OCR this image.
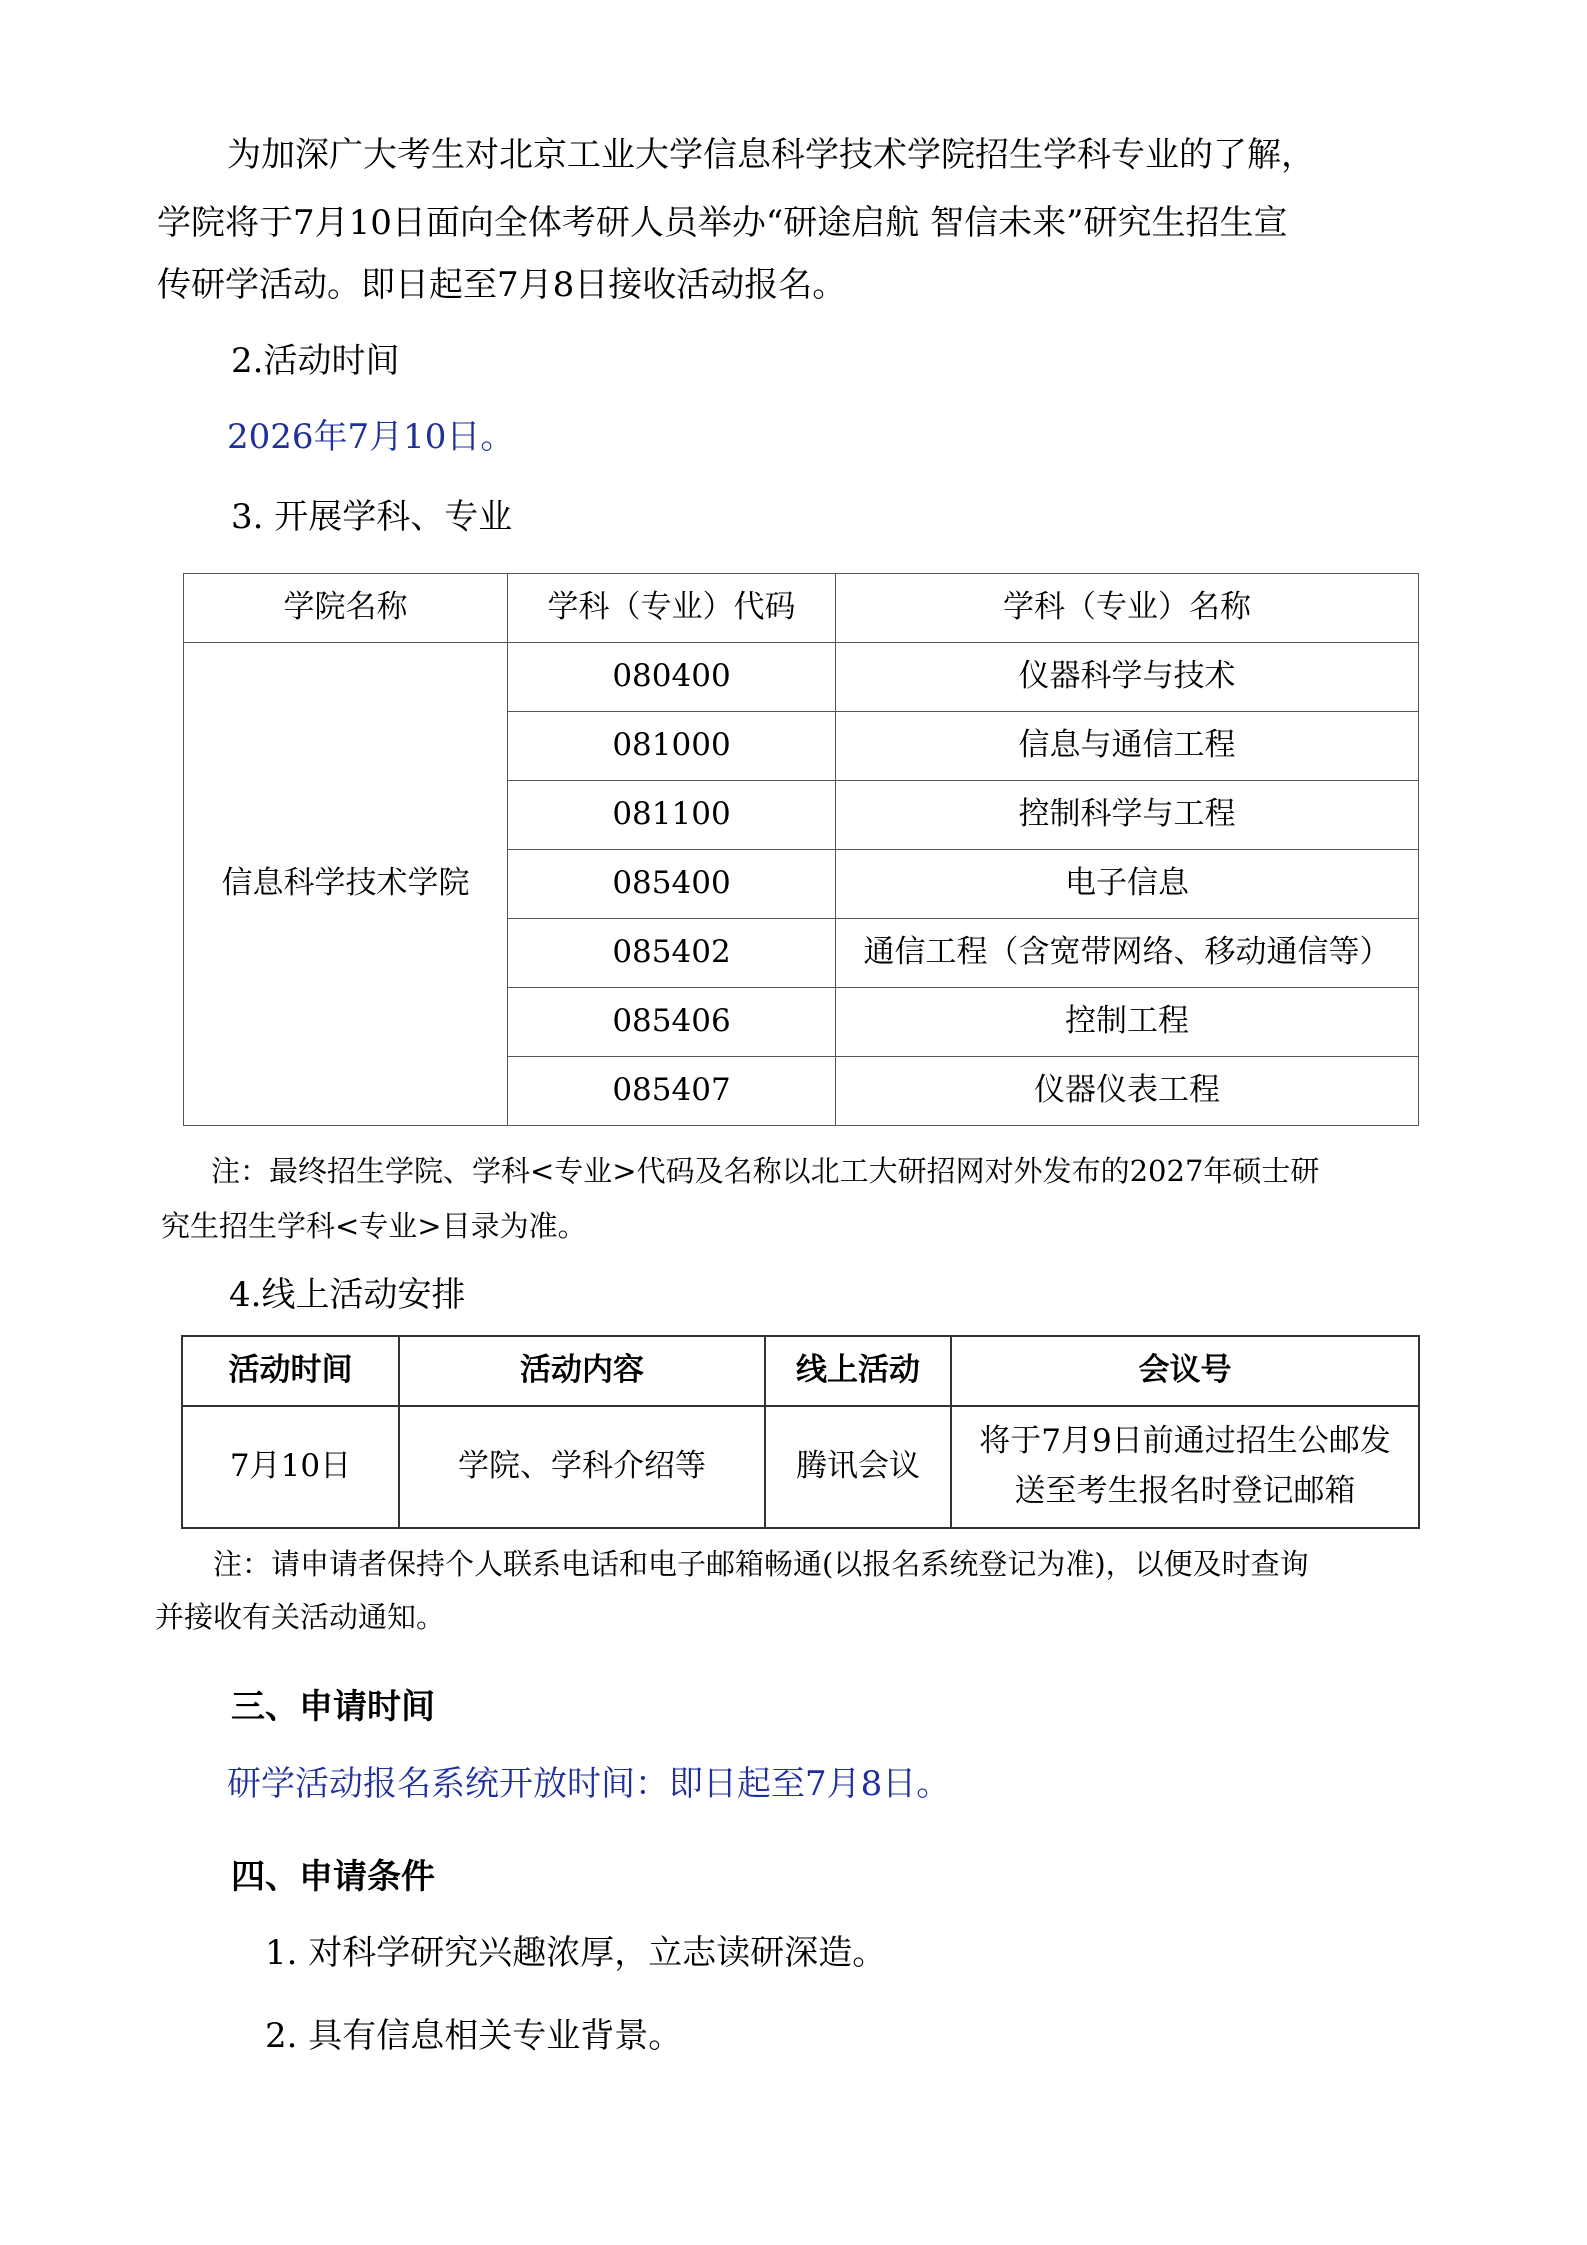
为加深广大考生对北京工业大学信息科学技术学院招生学科专业的了解，
学院将于7月10日面向全体考研人员举办“研途启航 智信未来”研究生招生宣
传研学活动。即日起至7月8日接收活动报名。
2.活动时间
2026年7月10日。
3. 开展学科、专业
学院名称	学科（专业）代码	学科（专业）名称
信息科学技术学院	080400	仪器科学与技术
	081000	信息与通信工程
	081100	控制科学与工程
	085400	电子信息
	085402	通信工程（含宽带网络、移动通信等）
	085406	控制工程
	085407	仪器仪表工程
注：最终招生学院、学科<专业>代码及名称以北工大研招网对外发布的2027年硕士研
究生招生学科<专业>目录为准。
4.线上活动安排
活动时间	活动内容	线上活动	会议号
7月10日	学院、学科介绍等	腾讯会议	将于7月9日前通过招生公邮发
送至考生报名时登记邮箱
注：请申请者保持个人联系电话和电子邮箱畅通(以报名系统登记为准)，以便及时查询
并接收有关活动通知。
三、申请时间
研学活动报名系统开放时间：即日起至7月8日。
四、申请条件
1. 对科学研究兴趣浓厚，立志读研深造。
2. 具有信息相关专业背景。
